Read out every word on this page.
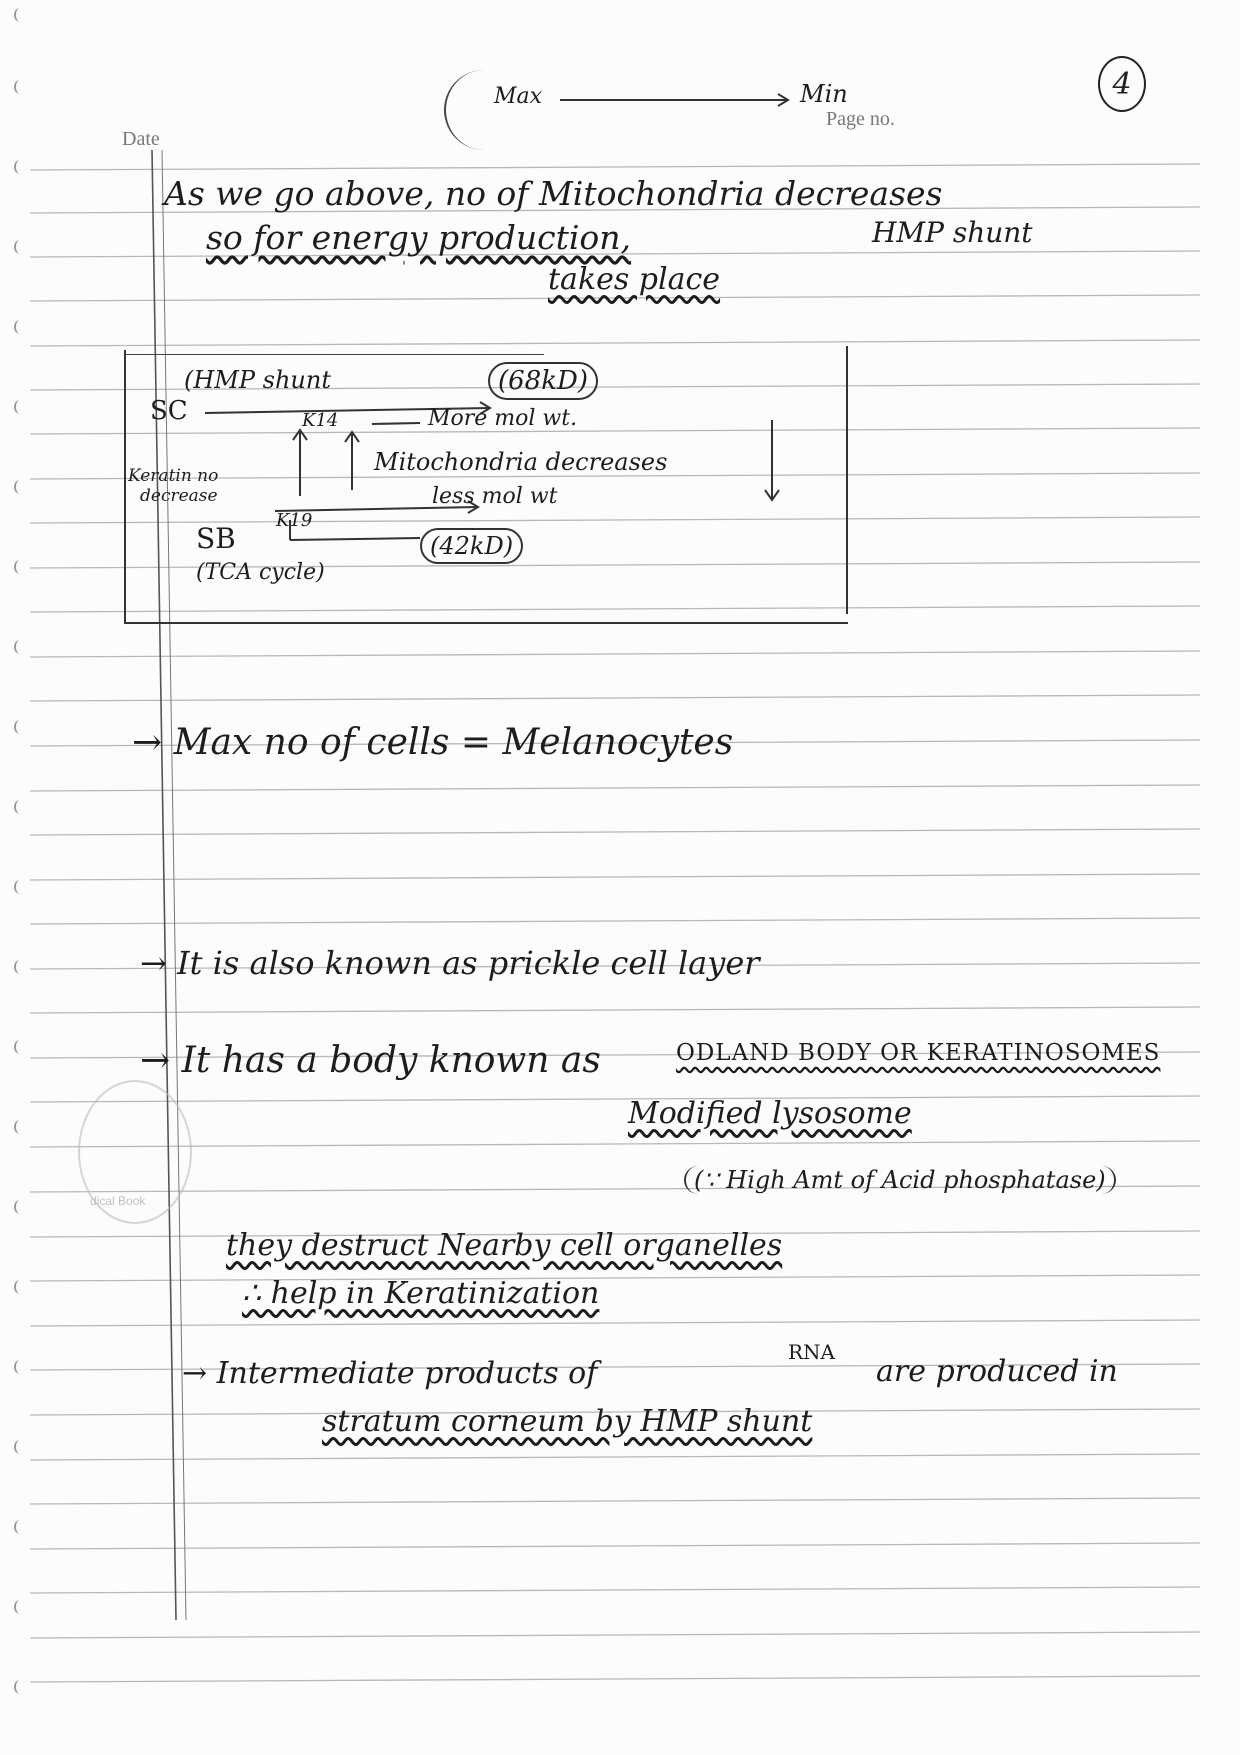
Date
Page no.
4
Max	Min
As we go above, no of Mitochondria decreases
so for energy production,	HMP shunt
takes place
(HMP shunt	(68kD)
SC	K14	More mol wt.
Mitochondria decreases
Keratin no
decrease	less mol wt
SB
K19
(42kD)
(TCA cycle)
→ Max no of cells = Melanocytes
→ It is also known as prickle cell layer
→ It has a body known as	ODLAND BODY OR KERATINOSOMES
Modified lysosome
(∵ High Amt of Acid phosphatase)
they destruct Nearby cell organelles
∴ help in Keratinization
→ Intermediate products of
RNA
are produced in
stratum corneum by HMP shunt
dical Book
